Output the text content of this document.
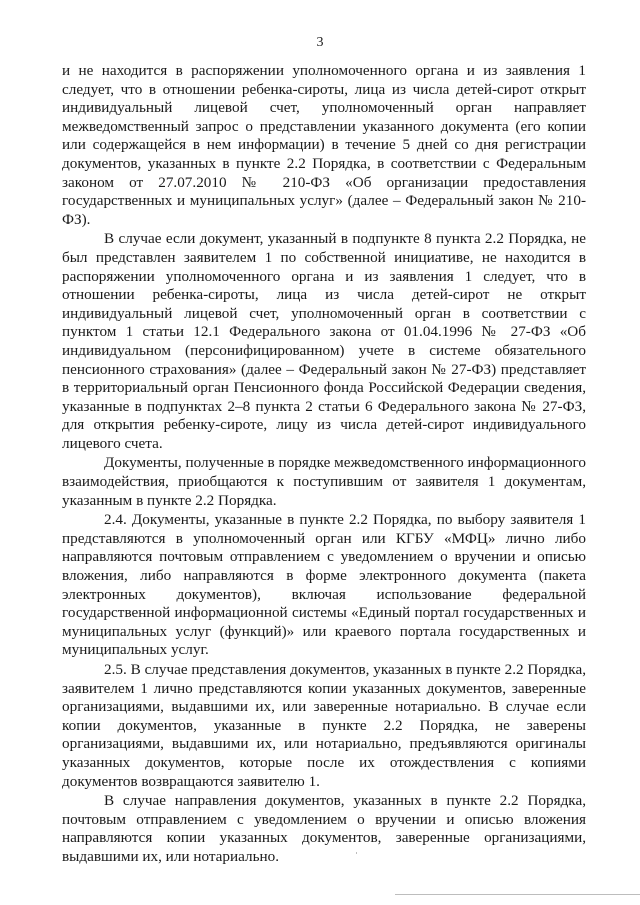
3

и не находится в распоряжении уполномоченного органа и из заявления 1 следует, что в отношении ребенка-сироты, лица из числа детей-сирот открыт индивидуальный лицевой счет, уполномоченный орган направляет межведомственный запрос о представлении указанного документа (его копии или содержащейся в нем информации) в течение 5 дней со дня регистрации документов, указанных в пункте 2.2 Порядка, в соответствии с Федеральным законом от 27.07.2010 № 210-ФЗ «Об организации предоставления государственных и муниципальных услуг» (далее – Федеральный закон № 210-ФЗ).

В случае если документ, указанный в подпункте 8 пункта 2.2 Порядка, не был представлен заявителем 1 по собственной инициативе, не находится в распоряжении уполномоченного органа и из заявления 1 следует, что в отношении ребенка-сироты, лица из числа детей-сирот не открыт индивидуальный лицевой счет, уполномоченный орган в соответствии с пунктом 1 статьи 12.1 Федерального закона от 01.04.1996 № 27-ФЗ «Об индивидуальном (персонифицированном) учете в системе обязательного пенсионного страхования» (далее – Федеральный закон № 27-ФЗ) представляет в территориальный орган Пенсионного фонда Российской Федерации сведения, указанные в подпунктах 2–8 пункта 2 статьи 6 Федерального закона № 27-ФЗ, для открытия ребенку-сироте, лицу из числа детей-сирот индивидуального лицевого счета.

Документы, полученные в порядке межведомственного информационного взаимодействия, приобщаются к поступившим от заявителя 1 документам, указанным в пункте 2.2 Порядка.

2.4. Документы, указанные в пункте 2.2 Порядка, по выбору заявителя 1 представляются в уполномоченный орган или КГБУ «МФЦ» лично либо направляются почтовым отправлением с уведомлением о вручении и описью вложения, либо направляются в форме электронного документа (пакета электронных документов), включая использование федеральной государственной информационной системы «Единый портал государственных и муниципальных услуг (функций)» или краевого портала государственных и муниципальных услуг.

2.5. В случае представления документов, указанных в пункте 2.2 Порядка, заявителем 1 лично представляются копии указанных документов, заверенные организациями, выдавшими их, или заверенные нотариально. В случае если копии документов, указанные в пункте 2.2 Порядка, не заверены организациями, выдавшими их, или нотариально, предъявляются оригиналы указанных документов, которые после их отождествления с копиями документов возвращаются заявителю 1.

В случае направления документов, указанных в пункте 2.2 Порядка, почтовым отправлением с уведомлением о вручении и описью вложения направляются копии указанных документов, заверенные организациями, выдавшими их, или нотариально.
